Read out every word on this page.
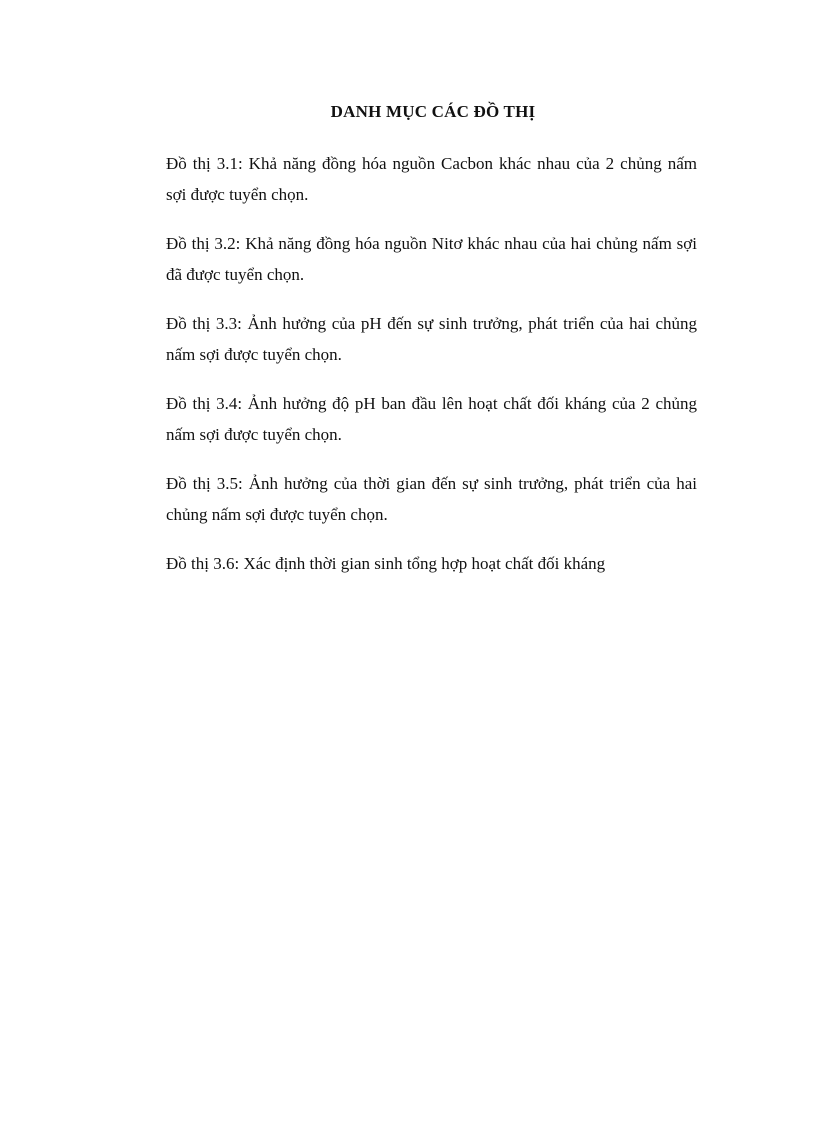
DANH MỤC CÁC ĐỒ THỊ
Đồ thị 3.1: Khả năng đồng hóa nguồn Cacbon khác nhau của 2 chủng nấm sợi được tuyển chọn.
Đồ thị 3.2: Khả năng đồng hóa nguồn Nitơ khác nhau của hai chủng nấm sợi đã được tuyển chọn.
Đồ thị 3.3: Ảnh hưởng của pH đến sự sinh trưởng, phát triển của hai chủng nấm sợi được tuyển chọn.
Đồ thị 3.4: Ảnh hưởng độ pH ban đầu lên hoạt chất đối kháng của 2 chủng nấm sợi được tuyển chọn.
Đồ thị 3.5: Ảnh hưởng của thời gian đến sự sinh trưởng, phát triển của hai chủng nấm sợi được tuyển chọn.
Đồ thị 3.6: Xác định thời gian sinh tổng hợp hoạt chất đối kháng
